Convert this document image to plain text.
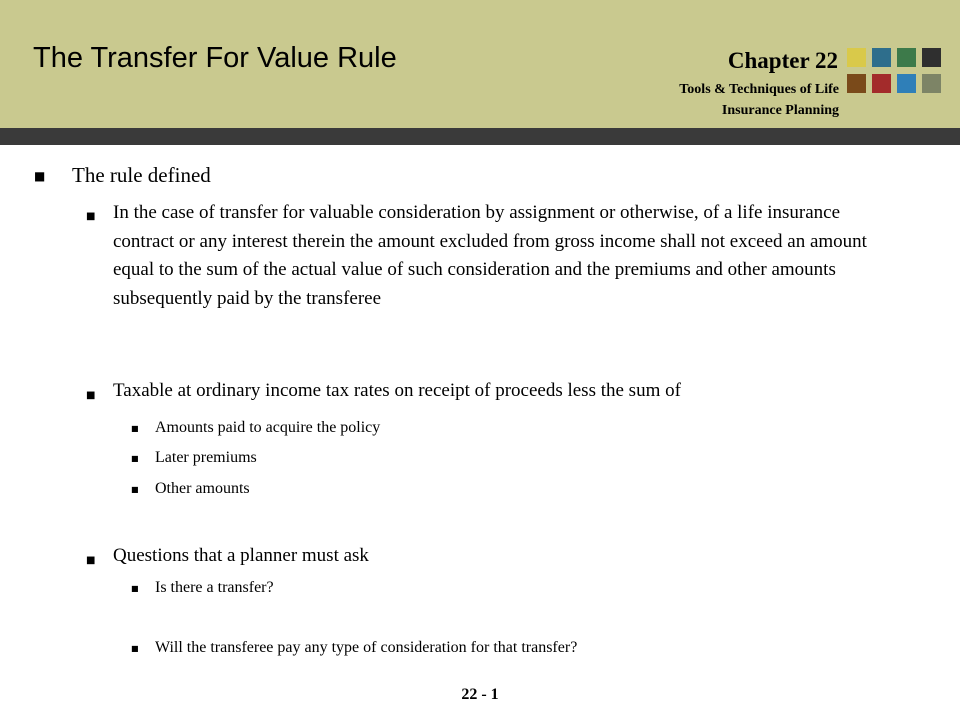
The Transfer For Value Rule	Chapter 22
Tools & Techniques of Life
Insurance Planning
■ The rule defined
■ In the case of transfer for valuable consideration by assignment or otherwise, of a life insurance contract or any interest therein the amount excluded from gross income shall not exceed an amount equal to the sum of the actual value of such consideration and the premiums and other amounts subsequently paid by the transferee
■ Taxable at ordinary income tax rates on receipt of proceeds less the sum of
■ Amounts paid to acquire the policy
■ Later premiums
■ Other amounts
■ Questions that a planner must ask
■ Is there a transfer?
■ Will the transferee pay any type of consideration for that transfer?
22 - 1
